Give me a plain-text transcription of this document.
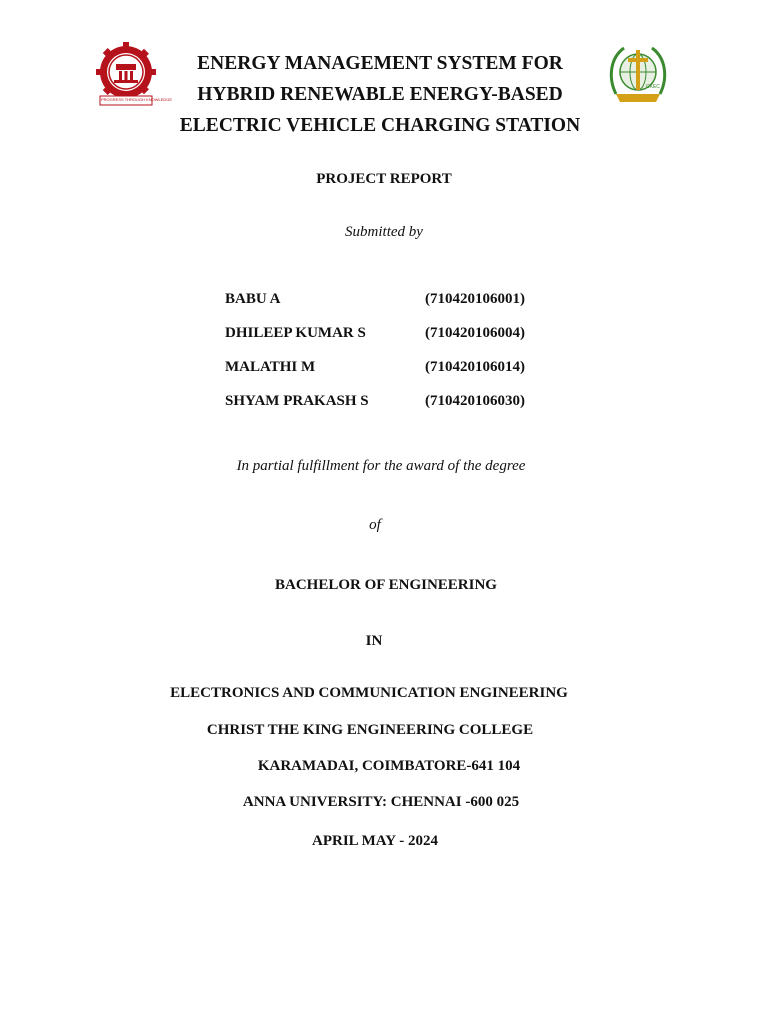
PROGRESS THROUGH KNOWLEDGE
CKEC
ENERGY MANAGEMENT SYSTEM FOR
HYBRID RENEWABLE ENERGY-BASED
ELECTRIC VEHICLE CHARGING STATION
PROJECT REPORT
Submitted by
BABU A	(710420106001)
DHILEEP KUMAR S	(710420106004)
MALATHI M	(710420106014)
SHYAM PRAKASH S	(710420106030)
In partial fulfillment for the award of the degree
of
BACHELOR OF ENGINEERING
IN
ELECTRONICS AND COMMUNICATION ENGINEERING
CHRIST THE KING ENGINEERING COLLEGE
KARAMADAI, COIMBATORE-641 104
ANNA UNIVERSITY: CHENNAI -600 025
APRIL MAY - 2024
